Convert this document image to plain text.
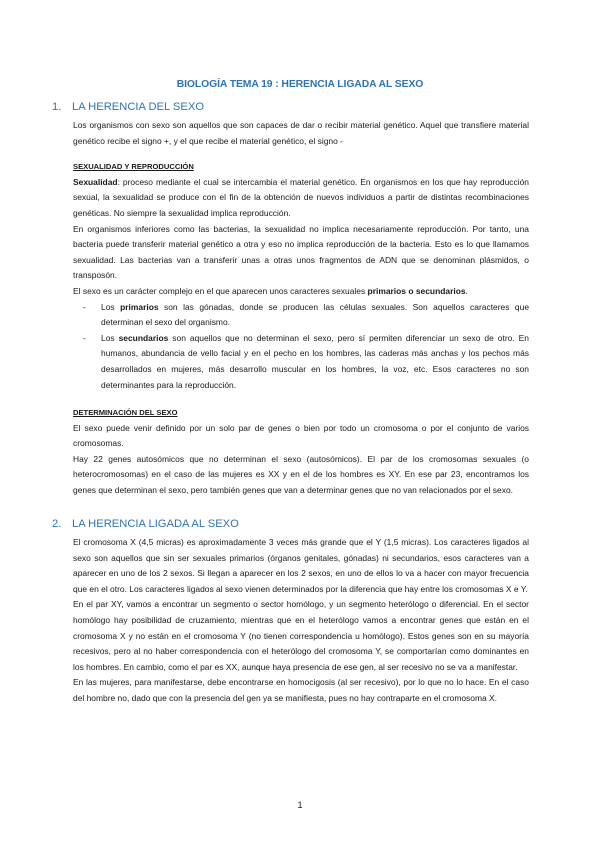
BIOLOGÍA TEMA 19 : HERENCIA LIGADA AL SEXO
1. LA HERENCIA DEL SEXO

Los organismos con sexo son aquellos que son capaces de dar o recibir material genético. Aquel que transfiere material genético recibe el signo +, y el que recibe el material genético, el signo -

SEXUALIDAD Y REPRODUCCIÓN

Sexualidad: proceso mediante el cual se intercambia el material genético. En organismos en los que hay reproducción sexual, la sexualidad se produce con el fin de la obtención de nuevos individuos a partir de distintas recombinaciones genéticas. No siempre la sexualidad implica reproducción.

En organismos inferiores como las bacterias, la sexualidad no implica necesariamente reproducción. Por tanto, una bacteria puede transferir material genético a otra y eso no implica reproducción de la bacteria. Esto es lo que llamamos sexualidad. Las bacterias van a transferir unas a otras unos fragmentos de ADN que se denominan plásmidos, o transposón.

El sexo es un carácter complejo en el que aparecen unos caracteres sexuales primarios o secundarios.

- Los primarios son las gónadas, donde se producen las células sexuales. Son aquellos caracteres que determinan el sexo del organismo.

- Los secundarios son aquellos que no determinan el sexo, pero sí permiten diferenciar un sexo de otro. En humanos, abundancia de vello facial y en el pecho en los hombres, las caderas más anchas y los pechos más desarrollados en mujeres, más desarrollo muscular en los hombres, la voz, etc. Esos caracteres no son determinantes para la reproducción.

DETERMINACIÓN DEL SEXO

El sexo puede venir definido por un solo par de genes o bien por todo un cromosoma o por el conjunto de varios cromosomas.

Hay 22 genes autosómicos que no determinan el sexo (autosómicos). El par de los cromosomas sexuales (o heterocromosomas) en el caso de las mujeres es XX y en el de los hombres es XY. En ese par 23, encontramos los genes que determinan el sexo, pero también genes que van a determinar genes que no van relacionados por el sexo.

2. LA HERENCIA LIGADA AL SEXO

El cromosoma X (4,5 micras) es aproximadamente 3 veces más grande que el Y (1,5 micras). Los caracteres ligados al sexo son aquellos que sin ser sexuales primarios (órganos genitales, gónadas) ni secundarios, esos caracteres van a aparecer en uno de los 2 sexos. Si llegan a aparecer en los 2 sexos, en uno de ellos lo va a hacer con mayor frecuencia que en el otro. Los caracteres ligados al sexo vienen determinados por la diferencia que hay entre los cromosomas X e Y.

En el par XY, vamos a encontrar un segmento o sector homólogo, y un segmento heterólogo o diferencial. En el sector homólogo hay posibilidad de cruzamiento, mientras que en el heterólogo vamos a encontrar genes que están en el cromosoma X y no están en el cromosoma Y (no tienen correspondencia u homólogo). Estos genes son en su mayoría recesivos, pero al no haber correspondencia con el heterólogo del cromosoma Y, se comportarían como dominantes en los hombres. En cambio, como el par es XX, aunque haya presencia de ese gen, al ser recesivo no se va a manifestar.

En las mujeres, para manifestarse, debe encontrarse en homocigosis (al ser recesivo), por lo que no lo hace. En el caso del hombre no, dado que con la presencia del gen ya se manifiesta, pues no hay contraparte en el cromosoma X.

1
